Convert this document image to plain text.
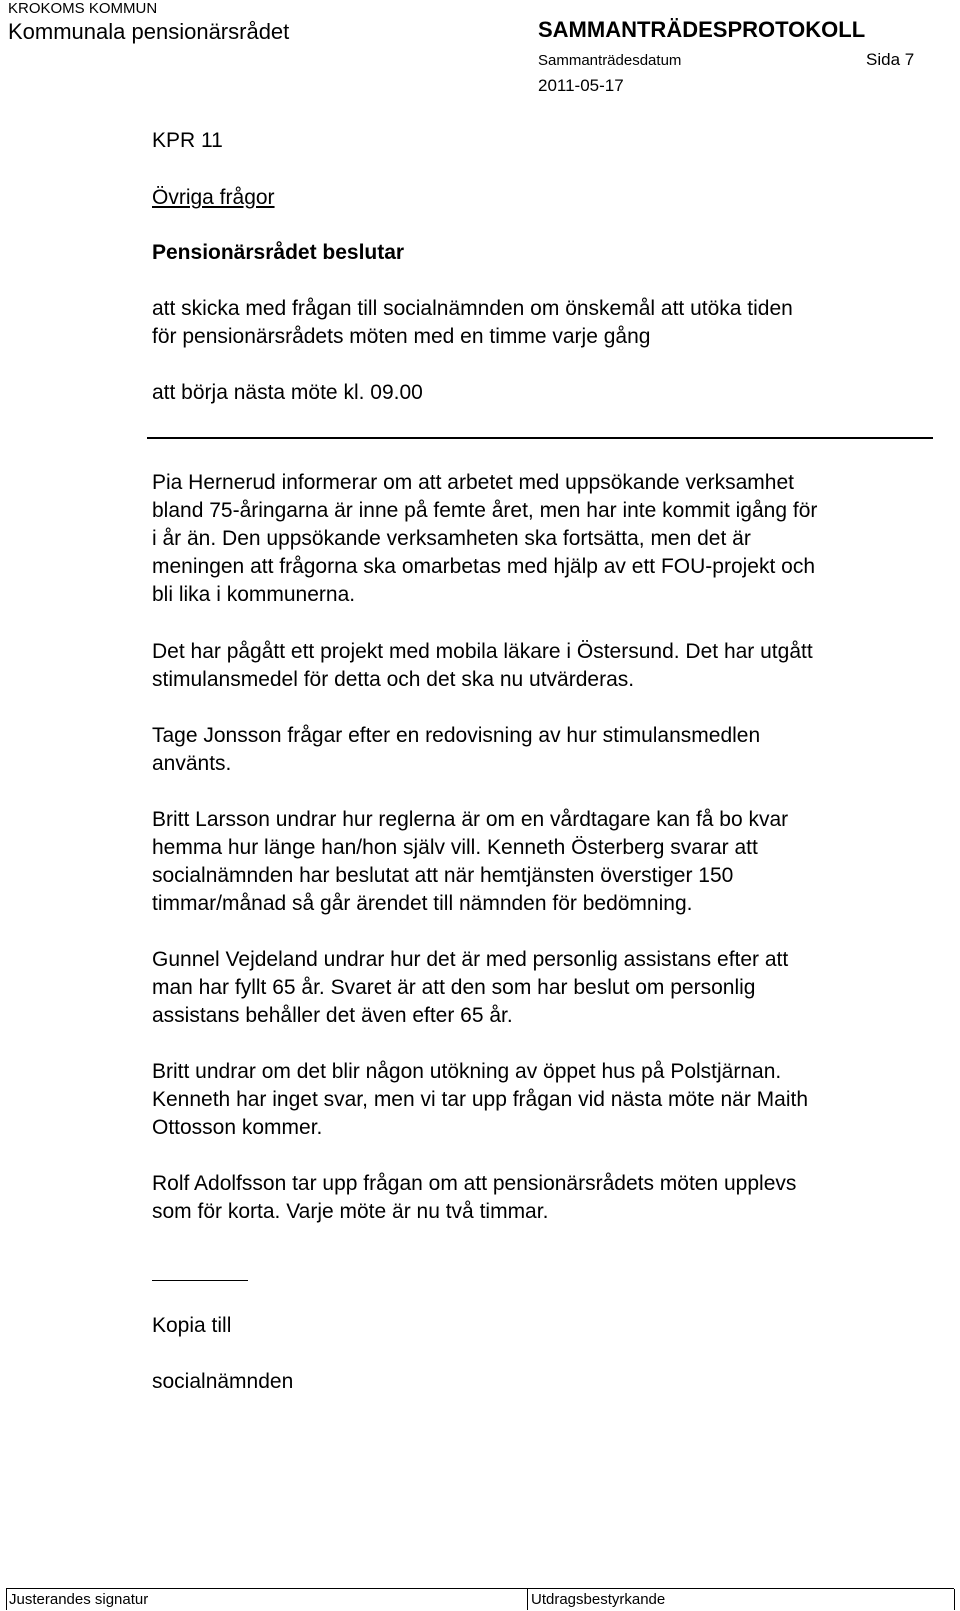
KROKOMS KOMMUN
Kommunala pensionärsrådet	SAMMANTRÄDESPROTOKOLL
Sammanträdesdatum	Sida 7
2011-05-17
KPR 11
Övriga frågor
Pensionärsrådet beslutar
att skicka med frågan till socialnämnden om önskemål att utöka tiden
för pensionärsrådets möten med en timme varje gång
att börja nästa möte kl. 09.00
Pia Hernerud informerar om att arbetet med uppsökande verksamhet
bland 75-åringarna är inne på femte året, men har inte kommit igång för
i år än. Den uppsökande verksamheten ska fortsätta, men det är
meningen att frågorna ska omarbetas med hjälp av ett FOU-projekt och
bli lika i kommunerna.
Det har pågått ett projekt med mobila läkare i Östersund. Det har utgått
stimulansmedel för detta och det ska nu utvärderas.
Tage Jonsson frågar efter en redovisning av hur stimulansmedlen
använts.
Britt Larsson undrar hur reglerna är om en vårdtagare kan få bo kvar
hemma hur länge han/hon själv vill. Kenneth Österberg svarar att
socialnämnden har beslutat att när hemtjänsten överstiger 150
timmar/månad så går ärendet till nämnden för bedömning.
Gunnel Vejdeland undrar hur det är med personlig assistans efter att
man har fyllt 65 år. Svaret är att den som har beslut om personlig
assistans behåller det även efter 65 år.
Britt undrar om det blir någon utökning av öppet hus på Polstjärnan.
Kenneth har inget svar, men vi tar upp frågan vid nästa möte när Maith
Ottosson kommer.
Rolf Adolfsson tar upp frågan om att pensionärsrådets möten upplevs
som för korta. Varje möte är nu två timmar.
Kopia till
socialnämnden
Justerandes signatur	Utdragsbestyrkande
